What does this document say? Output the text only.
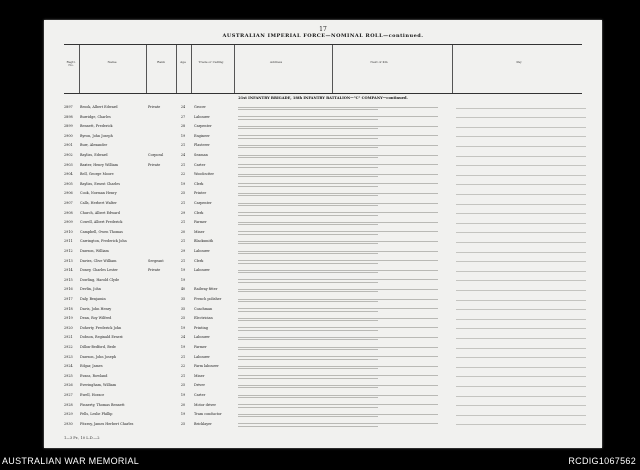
17
AUSTRALIAN IMPERIAL FORCE—NOMINAL ROLL—continued.
Regtl. No.
Name	Rank	Age	Trade or Calling	Address	Next of Kin	Pay
21st INFANTRY BRIGADE, 18th INFANTRY BATTALION—"C" COMPANY—continued.
2897	Brook, Albert Edward	Private	24	Grocer
2898	Burridge, Charles	27	Labourer
2899	Bennett, Frederick	28	Carpenter
2900	Byron, John Joseph	19	Engineer
2901	Burr, Alexander	21	Plasterer
2902	Bayliss, Edward	Corporal	24	Seaman
2903	Baxter, Henry William	Private	21	Carter
2904	Bell, George Moore	22	Woodcutter
2905	Bayliss, Ernest Charles	19	Clerk
2906	Cook, Norman Henry	25	Printer
2907	Calls, Herbert Walter	21	Carpenter
2908	Church, Albert Edward	29	Clerk
2909	Cowell, Albert Frederick	21	Farmer
2910	Campbell, Owen Thomas	20	Miner
2911	Carrington, Frederick John	21	Blacksmith
2912	Dawson, William	29	Labourer
2913	Davies, Clive William	Sergeant	21	Clerk
2914	Doney, Charles Lester	Private	19	Labourer
2915	Dowling, Harold Clyde	19
2916	Devlin, John	40	Railway fitter
2917	Daly, Benjamin	35	French polisher
2918	Davis, John Henry	35	Coachman
2919	Dean, Roy Wilfred	25	Electrician
2920	Doherty, Frederick John	19	Printing
2921	Dobson, Reginald Ernest	24	Labourer
2922	Dillon-Bedford, Bede	19	Farmer
2923	Dawson, John Joseph	21	Labourer
2924	Edgar, James	22	Farm labourer
2925	Evans, Rowland	21	Miner
2926	Everingham, William	25	Driver
2927	Ewell, Horace	19	Carter
2928	Finnerty, Thomas Bennett	20	Motor driver
2929	Fells, Leslie Phillip	19	Tram conductor
2930	Fitzroy, James Herbert Charles	25	Bricklayer
1—3 Pr., 10 L.D.—2
AUSTRALIAN WAR MEMORIAL	RCDIG1067562
